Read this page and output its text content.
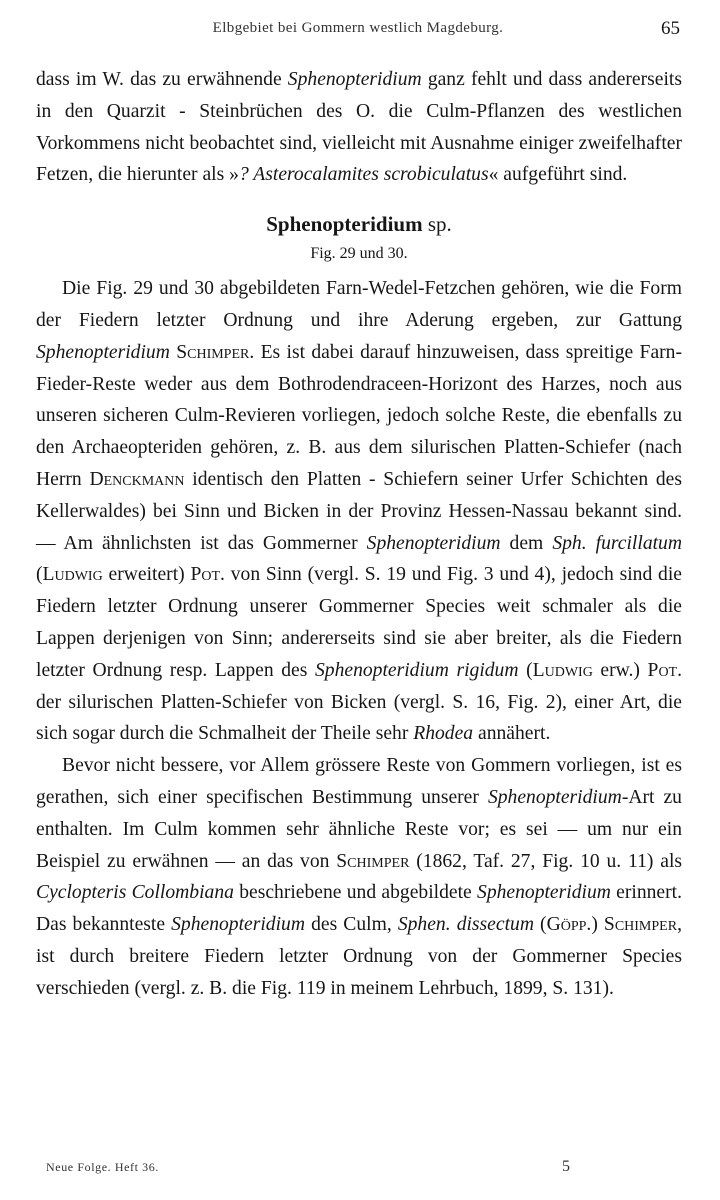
Elbgebiet bei Gommern westlich Magdeburg.	65

dass im W. das zu erwähnende Sphenopteridium ganz fehlt und dass andererseits in den Quarzit - Steinbrüchen des O. die Culm-Pflanzen des westlichen Vorkommens nicht beobachtet sind, vielleicht mit Ausnahme einiger zweifelhafter Fetzen, die hierunter als »? Asterocalamites scrobiculatus« aufgeführt sind.

Sphenopteridium sp.

Fig. 29 und 30.

Die Fig. 29 und 30 abgebildeten Farn-Wedel-Fetzchen gehören, wie die Form der Fiedern letzter Ordnung und ihre Aderung ergeben, zur Gattung Sphenopteridium Schimper. Es ist dabei darauf hinzuweisen, dass spreitige Farn-Fieder-Reste weder aus dem Bothrodendraceen-Horizont des Harzes, noch aus unseren sicheren Culm-Revieren vorliegen, jedoch solche Reste, die ebenfalls zu den Archaeopteriden gehören, z. B. aus dem silurischen Platten-Schiefer (nach Herrn Denckmann identisch den Platten - Schiefern seiner Urfer Schichten des Kellerwaldes) bei Sinn und Bicken in der Provinz Hessen-Nassau bekannt sind. — Am ähnlichsten ist das Gommerner Sphenopteridium dem Sph. furcillatum (Ludwig erweitert) Pot. von Sinn (vergl. S. 19 und Fig. 3 und 4), jedoch sind die Fiedern letzter Ordnung unserer Gommerner Species weit schmaler als die Lappen derjenigen von Sinn; andererseits sind sie aber breiter, als die Fiedern letzter Ordnung resp. Lappen des Sphenopteridium rigidum (Ludwig erw.) Pot. der silurischen Platten-Schiefer von Bicken (vergl. S. 16, Fig. 2), einer Art, die sich sogar durch die Schmalheit der Theile sehr Rhodea annähert.

Bevor nicht bessere, vor Allem grössere Reste von Gommern vorliegen, ist es gerathen, sich einer specifischen Bestimmung unserer Sphenopteridium-Art zu enthalten. Im Culm kommen sehr ähnliche Reste vor; es sei — um nur ein Beispiel zu erwähnen — an das von Schimper (1862, Taf. 27, Fig. 10 u. 11) als Cyclopteris Collombiana beschriebene und abgebildete Sphenopteridium erinnert. Das bekannteste Sphenopteridium des Culm, Sphen. dissectum (Göpp.) Schimper, ist durch breitere Fiedern letzter Ordnung von der Gommerner Species verschieden (vergl. z. B. die Fig. 119 in meinem Lehrbuch, 1899, S. 131).

Neue Folge. Heft 36.	5
